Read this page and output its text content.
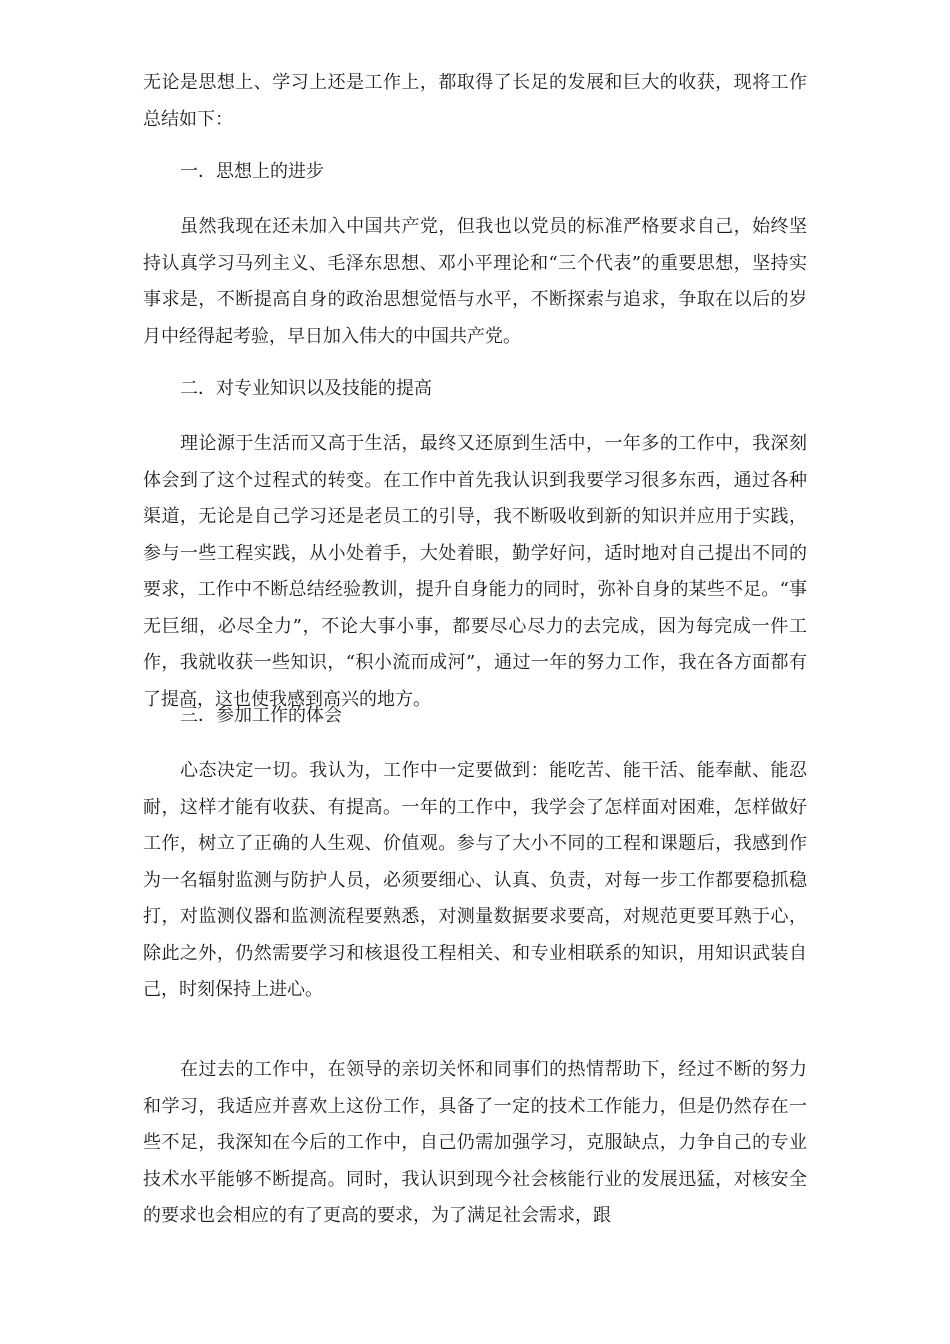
无论是思想上、学习上还是工作上，都取得了长足的发展和巨大的收获，现将工作总结如下：

一．思想上的进步

虽然我现在还未加入中国共产党，但我也以党员的标准严格要求自己，始终坚持认真学习马列主义、毛泽东思想、邓小平理论和“三个代表”的重要思想，坚持实事求是，不断提高自身的政治思想觉悟与水平，不断探索与追求，争取在以后的岁月中经得起考验，早日加入伟大的中国共产党。

二．对专业知识以及技能的提高

理论源于生活而又高于生活，最终又还原到生活中，一年多的工作中，我深刻体会到了这个过程式的转变。在工作中首先我认识到我要学习很多东西，通过各种渠道，无论是自己学习还是老员工的引导，我不断吸收到新的知识并应用于实践，参与一些工程实践，从小处着手，大处着眼，勤学好问，适时地对自己提出不同的要求，工作中不断总结经验教训，提升自身能力的同时，弥补自身的某些不足。“事无巨细，必尽全力”，不论大事小事，都要尽心尽力的去完成，因为每完成一件工作，我就收获一些知识，“积小流而成河”，通过一年的努力工作，我在各方面都有了提高，这也使我感到高兴的地方。

三．参加工作的体会

心态决定一切。我认为，工作中一定要做到：能吃苦、能干活、能奉献、能忍耐，这样才能有收获、有提高。一年的工作中，我学会了怎样面对困难，怎样做好工作，树立了正确的人生观、价值观。参与了大小不同的工程和课题后，我感到作为一名辐射监测与防护人员，必须要细心、认真、负责，对每一步工作都要稳抓稳打，对监测仪器和监测流程要熟悉，对测量数据要求要高，对规范更要耳熟于心，除此之外，仍然需要学习和核退役工程相关、和专业相联系的知识，用知识武装自己，时刻保持上进心。

在过去的工作中，在领导的亲切关怀和同事们的热情帮助下，经过不断的努力和学习，我适应并喜欢上这份工作，具备了一定的技术工作能力，但是仍然存在一些不足，我深知在今后的工作中，自己仍需加强学习，克服缺点，力争自己的专业技术水平能够不断提高。同时，我认识到现今社会核能行业的发展迅猛，对核安全的要求也会相应的有了更高的要求，为了满足社会需求，跟
